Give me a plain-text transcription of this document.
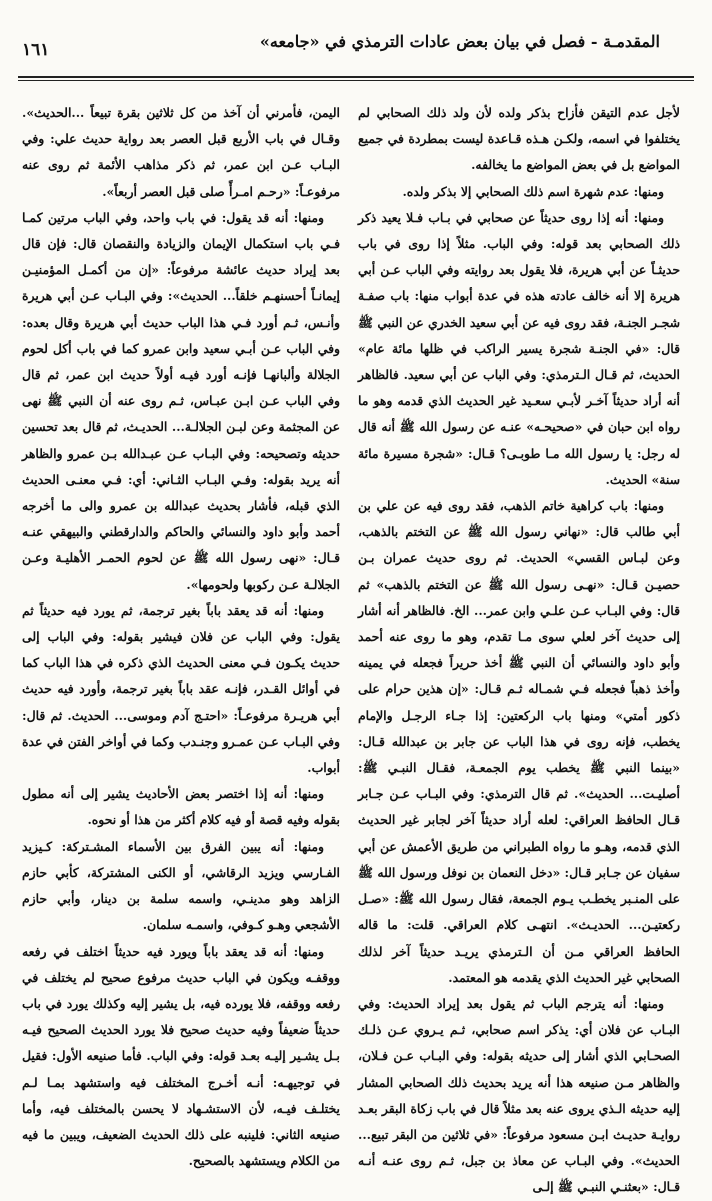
المقدمـة - فصل في بيان بعض عادات الترمذي في «جامعه»
١٦١

لأجل عدم التيقن فأزاح بذكر ولده لأن ولد ذلك الصحابي لم يختلفوا في اسمه، ولكـن هـذه قـاعدة ليست بمطردة في جميع المواضع بل في بعض المواضع ما يخالفه.

ومنها: عدم شهرة اسم ذلك الصحابي إلا بذكر ولده.

ومنها: أنه إذا روى حديثاً عن صحابي في بـاب فـلا يعيد ذكر ذلك الصحابي بعد قوله: وفي الباب. مثلاً إذا روى في باب حديثـاً عن أبي هريرة، فلا يقول بعد روايته وفي الباب عـن أبي هريرة إلا أنه خالف عادته هذه في عدة أبواب منها: باب صفـة شجـر الجنـة، فقد روى فيه عن أبي سعيد الخدري عن النبي ﷺ قال: «في الجنـة شجرة يسير الراكب في ظلها مائة عام» الحديث، ثم قـال الـترمذي: وفي الباب عن أبي سعيد. فالظاهر أنه أراد حديثاً آخـر لأبـي سعـيد غير الحديث الذي قدمه وهو ما رواه ابن حبان في «صحيحـه» عنـه عن رسول الله ﷺ أنه قال له رجل: يا رسول الله مـا طوبـى؟ قـال: «شجرة مسيرة مائة سنة» الحديث.

ومنها: باب كراهية خاتم الذهب، فقد روى فيه عن علي بن أبي طالب قال: «نهاني رسول الله ﷺ عن التختم بالذهب، وعن لبـاس القسي» الحديث. ثم روى حديث عمران بـن حصيـن قـال: «نهـى رسول الله ﷺ عن التختم بالذهب» ثم قال: وفي البـاب عـن علـي وابن عمر... الخ. فالظاهر أنه أشار إلى حديث آخر لعلي سوى مـا تقدم، وهو ما روى عنه أحمد وأبو داود والنسائي أن النبي ﷺ أخذ حريراً فجعله في يمينه وأخذ ذهباً فجعله فـي شمـاله ثـم قـال: «إن هذين حرام على ذكور أمتي» ومنها باب الركعتين: إذا جـاء الرجـل والإمام يخطب، فإنه روى في هذا الباب عن جابر بن عبدالله قـال: «بينما النبي ﷺ يخطب يوم الجمعـة، فقـال النبـي ﷺ: أصليـت... الحديث». ثم قال الترمذي: وفي البـاب عـن جـابر قـال الحافظ العراقي: لعله أراد حديثاً آخر لجابر غير الحديث الذي قدمه، وهـو ما رواه الطبراني من طريق الأعمش عن أبي سفيان عن جـابر قـال: «دخل النعمان بن نوفل ورسول الله ﷺ على المنـبر يخطـب يـوم الجمعة، فقال رسول الله ﷺ: «صـل ركعتيـن... الحديـث». انتهـى كلام العراقي. قلت: ما قاله الحافظ العراقي مـن أن الـترمذي يريـد حديثاً آخر لذلك الصحابي غير الحديث الذي يقدمه هو المعتمد.

ومنها: أنه يترجم الباب ثم يقول بعد إيراد الحديث: وفي البـاب عن فلان أي: يذكر اسم صحابي، ثـم يـروي عـن ذلـك الصحـابي الذي أشار إلى حديثه بقوله: وفي البـاب عـن فـلان، والظاهر مـن صنيعه هذا أنه يريد بحديث ذلك الصحابي المشار إليه حديثه الـذي يروى عنه بعد مثلاً قال في باب زكاة البقر بعـد روايـة حديـث ابـن مسعود مرفوعاً: «في ثلاثين من البقر تبيع... الحديث». وفي البـاب عن معاذ بن جبل، ثـم روى عنـه أنـه قـال: «بعثنـي النبـي ﷺ إلـى

اليمن، فأمرني أن آخذ من كل ثلاثين بقرة تبيعاً ...الحديث». وقـال في باب الأربع قبل العصر بعد رواية حديث علي: وفي البـاب عـن ابن عمر، ثم ذكر مذاهب الأئمة ثم روى عنه مرفوعـاً: «رحـم امـرأً صلى قبل العصر أربعاً».

ومنها: أنه قد يقول: في باب واحد، وفي الباب مرتين كمـا فـي باب استكمال الإيمان والزيادة والنقصان قال: فإن قال بعد إيراد حديث عائشة مرفوعاً: «إن من أكمـل المؤمنيـن إيمانـاً أحسنهـم خلقاً... الحديث»: وفي البـاب عـن أبي هريرة وأنـس، ثـم أورد فـي هذا الباب حديث أبي هريرة وقال بعده: وفي الباب عـن أبـي سعيد وابن عمرو كما في باب أكل لحوم الجلالة وألبانهـا فإنـه أورد فيـه أولاً حديث ابن عمر، ثم قال وفي الباب عـن ابـن عبـاس، ثـم روى عنه أن النبي ﷺ نهى عن المجثمة وعن لبـن الجلالـة... الحديـث، ثم قال بعد تحسين حديثه وتصحيحه: وفي البـاب عـن عبـدالله بـن عمرو والظاهر أنه يريد بقوله: وفـي البـاب الثـاني: أي: فـي معنـى الحديث الذي قبله، فأشار بحديث عبدالله بن عمرو والى ما أخرجه أحمد وأبو داود والنسائي والحاكم والدارقطني والبيهقي عنـه قـال: «نهى رسول الله ﷺ عن لحوم الحمـر الأهليـة وعـن الجلالـة عـن ركوبها ولحومها».

ومنها: أنه قد يعقد باباً بغير ترجمة، ثم يورد فيه حديثاً ثم يقول: وفي الباب عن فلان فيشير بقوله: وفي الباب إلى حديث يكـون فـي معنى الحديث الذي ذكره في هذا الباب كما في أوائل القـدر، فإنـه عقد باباً بغير ترجمة، وأورد فيه حديث أبي هريـرة مرفوعـاً: «احتـج آدم وموسى... الحديث. ثم قال: وفي البـاب عـن عمـرو وجنـدب وكما في أواخر الفتن في عدة أبواب.

ومنها: أنه إذا اختصر بعض الأحاديث يشير إلى أنه مطول بقوله وفيه قصة أو فيه كلام أكثر من هذا أو نحوه.

ومنها: أنه يبين الفرق بين الأسماء المشـتركة: كـيزيد الفـارسي ويزيد الرقاشي، أو الكنى المشتركة، كأبي حازم الزاهد وهو مدينـي، واسمه سلمة بن دينار، وأبي حازم الأشجعي وهـو كـوفي، واسمـه سلمان.

ومنها: أنه قد يعقد باباً ويورد فيه حديثاً اختلف في رفعه ووقفـه ويكون في الباب حديث مرفوع صحيح لم يختلف في رفعه ووقفه، فلا يورده فيه، بل يشير إليه وكذلك يورد في باب حديثاً ضعيفاً وفيه حديث صحيح فلا يورد الحديث الصحيح فيـه بـل يشـير إليـه بعـد قوله: وفي الباب. فأما صنيعه الأول: فقيل في توجيهـه: أنـه أخـرج المختلف فيه واستشهد بمـا لـم يختلـف فيـه، لأن الاستشـهاد لا يحسن بالمختلف فيه، وأما صنيعه الثاني: فلينبه على ذلك الحديث الضعيف، ويبين ما فيه من الكلام ويستشهد بالصحيح.
